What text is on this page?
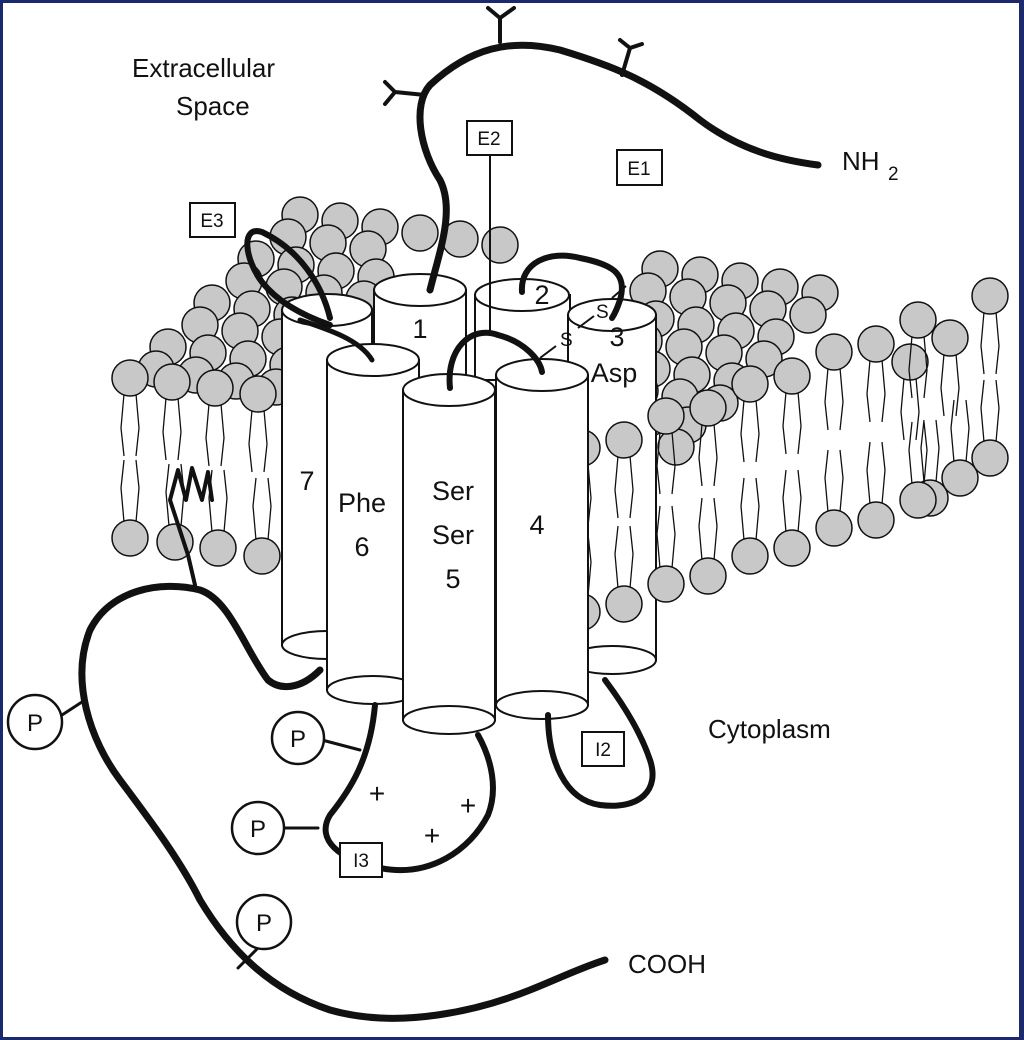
1
2
3
Asp
4
Ser
Ser
5
Phe
6
7
S
S
E1
E2
E3
I2
I3
P
P
P
P
+	+
+
Extracellular
Space
Cytoplasm
NH 2
COOH
